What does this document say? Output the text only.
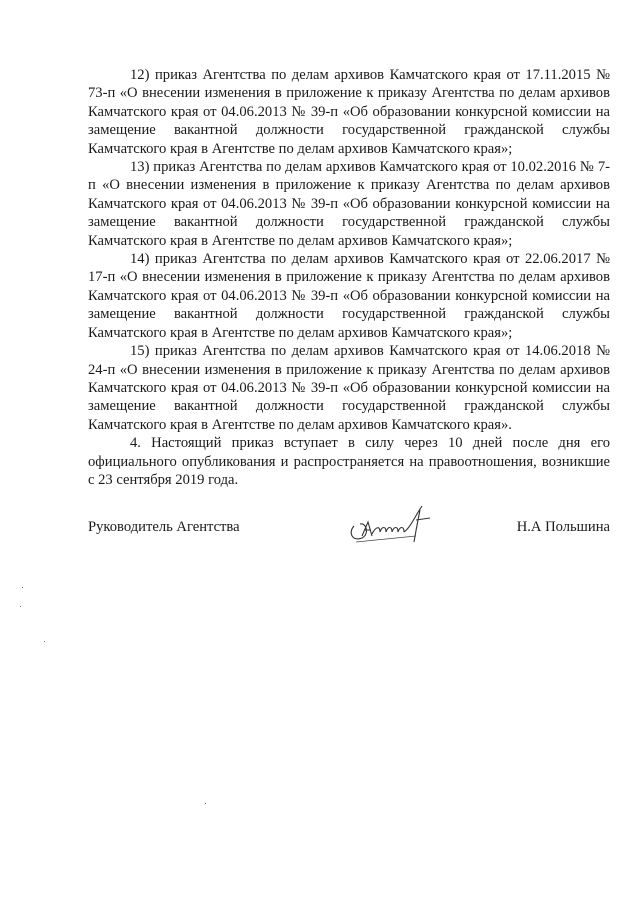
12) приказ Агентства по делам архивов Камчатского края от 17.11.2015 № 73-п «О внесении изменения в приложение к приказу Агентства по делам архивов Камчатского края от 04.06.2013 № 39-п «Об образовании конкурсной комиссии на замещение вакантной должности государственной гражданской службы Камчатского края в Агентстве по делам архивов Камчатского края»;

13) приказ Агентства по делам архивов Камчатского края от 10.02.2016 № 7-п «О внесении изменения в приложение к приказу Агентства по делам архивов Камчатского края от 04.06.2013 № 39-п «Об образовании конкурсной комиссии на замещение вакантной должности государственной гражданской службы Камчатского края в Агентстве по делам архивов Камчатского края»;

14) приказ Агентства по делам архивов Камчатского края от 22.06.2017 № 17-п «О внесении изменения в приложение к приказу Агентства по делам архивов Камчатского края от 04.06.2013 № 39-п «Об образовании конкурсной комиссии на замещение вакантной должности государственной гражданской службы Камчатского края в Агентстве по делам архивов Камчатского края»;

15) приказ Агентства по делам архивов Камчатского края от 14.06.2018 № 24-п «О внесении изменения в приложение к приказу Агентства по делам архивов Камчатского края от 04.06.2013 № 39-п «Об образовании конкурсной комиссии на замещение вакантной должности государственной гражданской службы Камчатского края в Агентстве по делам архивов Камчатского края».

4. Настоящий приказ вступает в силу через 10 дней после дня его официального опубликования и распространяется на правоотношения, возникшие с 23 сентября 2019 года.

Руководитель Агентства	Н.А Польшина
